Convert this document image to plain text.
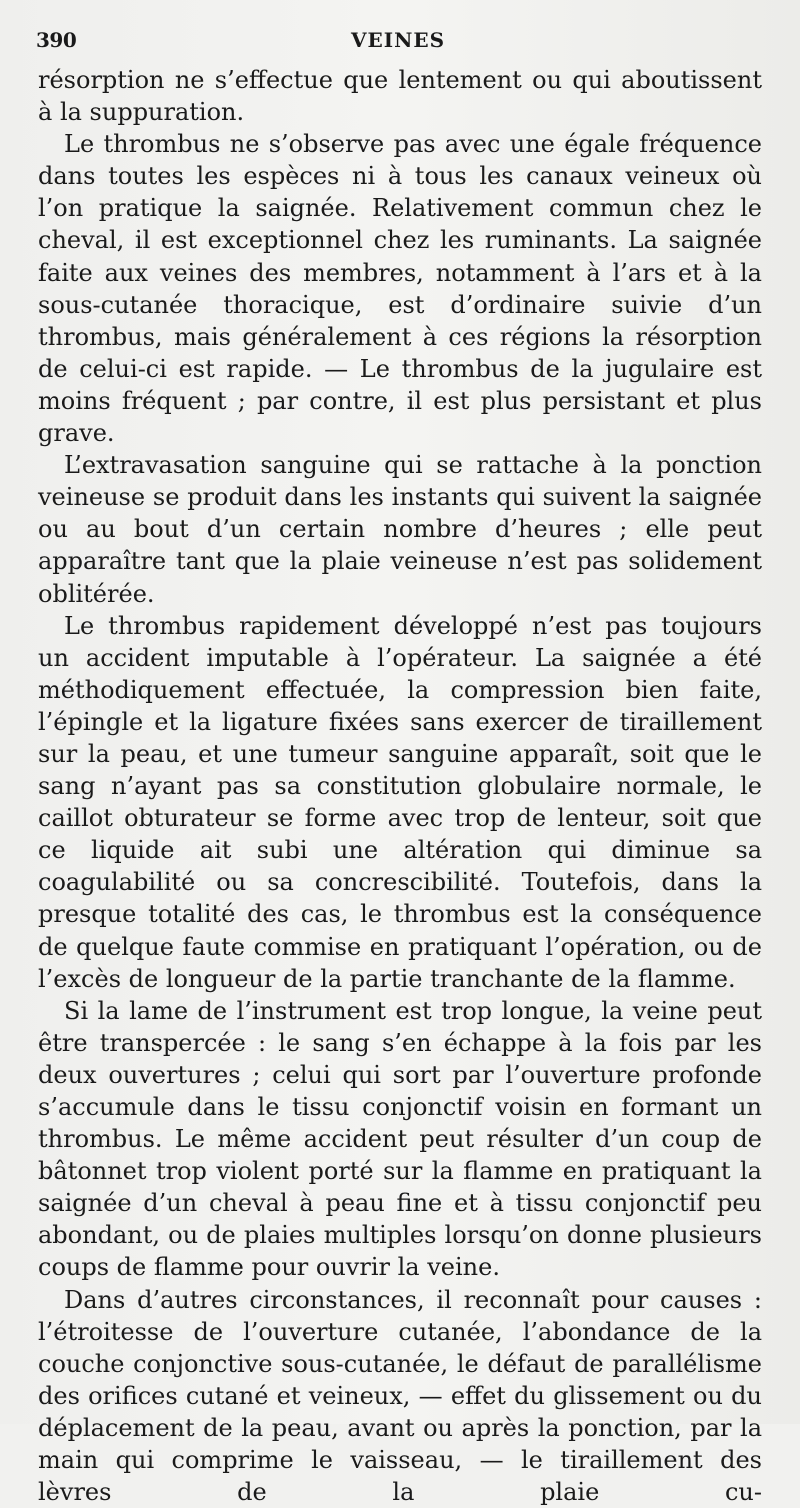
390	VEINES

résorption ne s’effectue que lentement ou qui aboutissent à la suppuration.

Le thrombus ne s’observe pas avec une égale fréquence dans toutes les espèces ni à tous les canaux veineux où l’on pratique la saignée. Relativement commun chez le cheval, il est exceptionnel chez les ruminants. La saignée faite aux veines des membres, notamment à l’ars et à la sous-cutanée thoracique, est d’ordinaire suivie d’un thrombus, mais généralement à ces régions la résorption de celui-ci est rapide. — Le thrombus de la jugulaire est moins fréquent ; par contre, il est plus persistant et plus grave.

L’extravasation sanguine qui se rattache à la ponction veineuse se produit dans les instants qui suivent la saignée ou au bout d’un certain nombre d’heures ; elle peut apparaître tant que la plaie veineuse n’est pas solidement oblitérée.

Le thrombus rapidement développé n’est pas toujours un accident imputable à l’opérateur. La saignée a été méthodiquement effectuée, la compression bien faite, l’épingle et la ligature fixées sans exercer de tiraillement sur la peau, et une tumeur sanguine apparaît, soit que le sang n’ayant pas sa constitution globulaire normale, le caillot obturateur se forme avec trop de lenteur, soit que ce liquide ait subi une altération qui diminue sa coagulabilité ou sa concrescibilité. Toutefois, dans la presque totalité des cas, le thrombus est la conséquence de quelque faute commise en pratiquant l’opération, ou de l’excès de longueur de la partie tranchante de la flamme.

Si la lame de l’instrument est trop longue, la veine peut être transpercée : le sang s’en échappe à la fois par les deux ouvertures ; celui qui sort par l’ouverture profonde s’accumule dans le tissu conjonctif voisin en formant un thrombus. Le même accident peut résulter d’un coup de bâtonnet trop violent porté sur la flamme en pratiquant la saignée d’un cheval à peau fine et à tissu conjonctif peu abondant, ou de plaies multiples lorsqu’on donne plusieurs coups de flamme pour ouvrir la veine.

Dans d’autres circonstances, il reconnaît pour causes : l’étroitesse de l’ouverture cutanée, l’abondance de la couche conjonctive sous-cutanée, le défaut de parallélisme des orifices cutané et veineux, — effet du glissement ou du déplacement de la peau, avant ou après la ponction, par la main qui comprime le vaisseau, — le tiraillement des lèvres de la plaie cu-
